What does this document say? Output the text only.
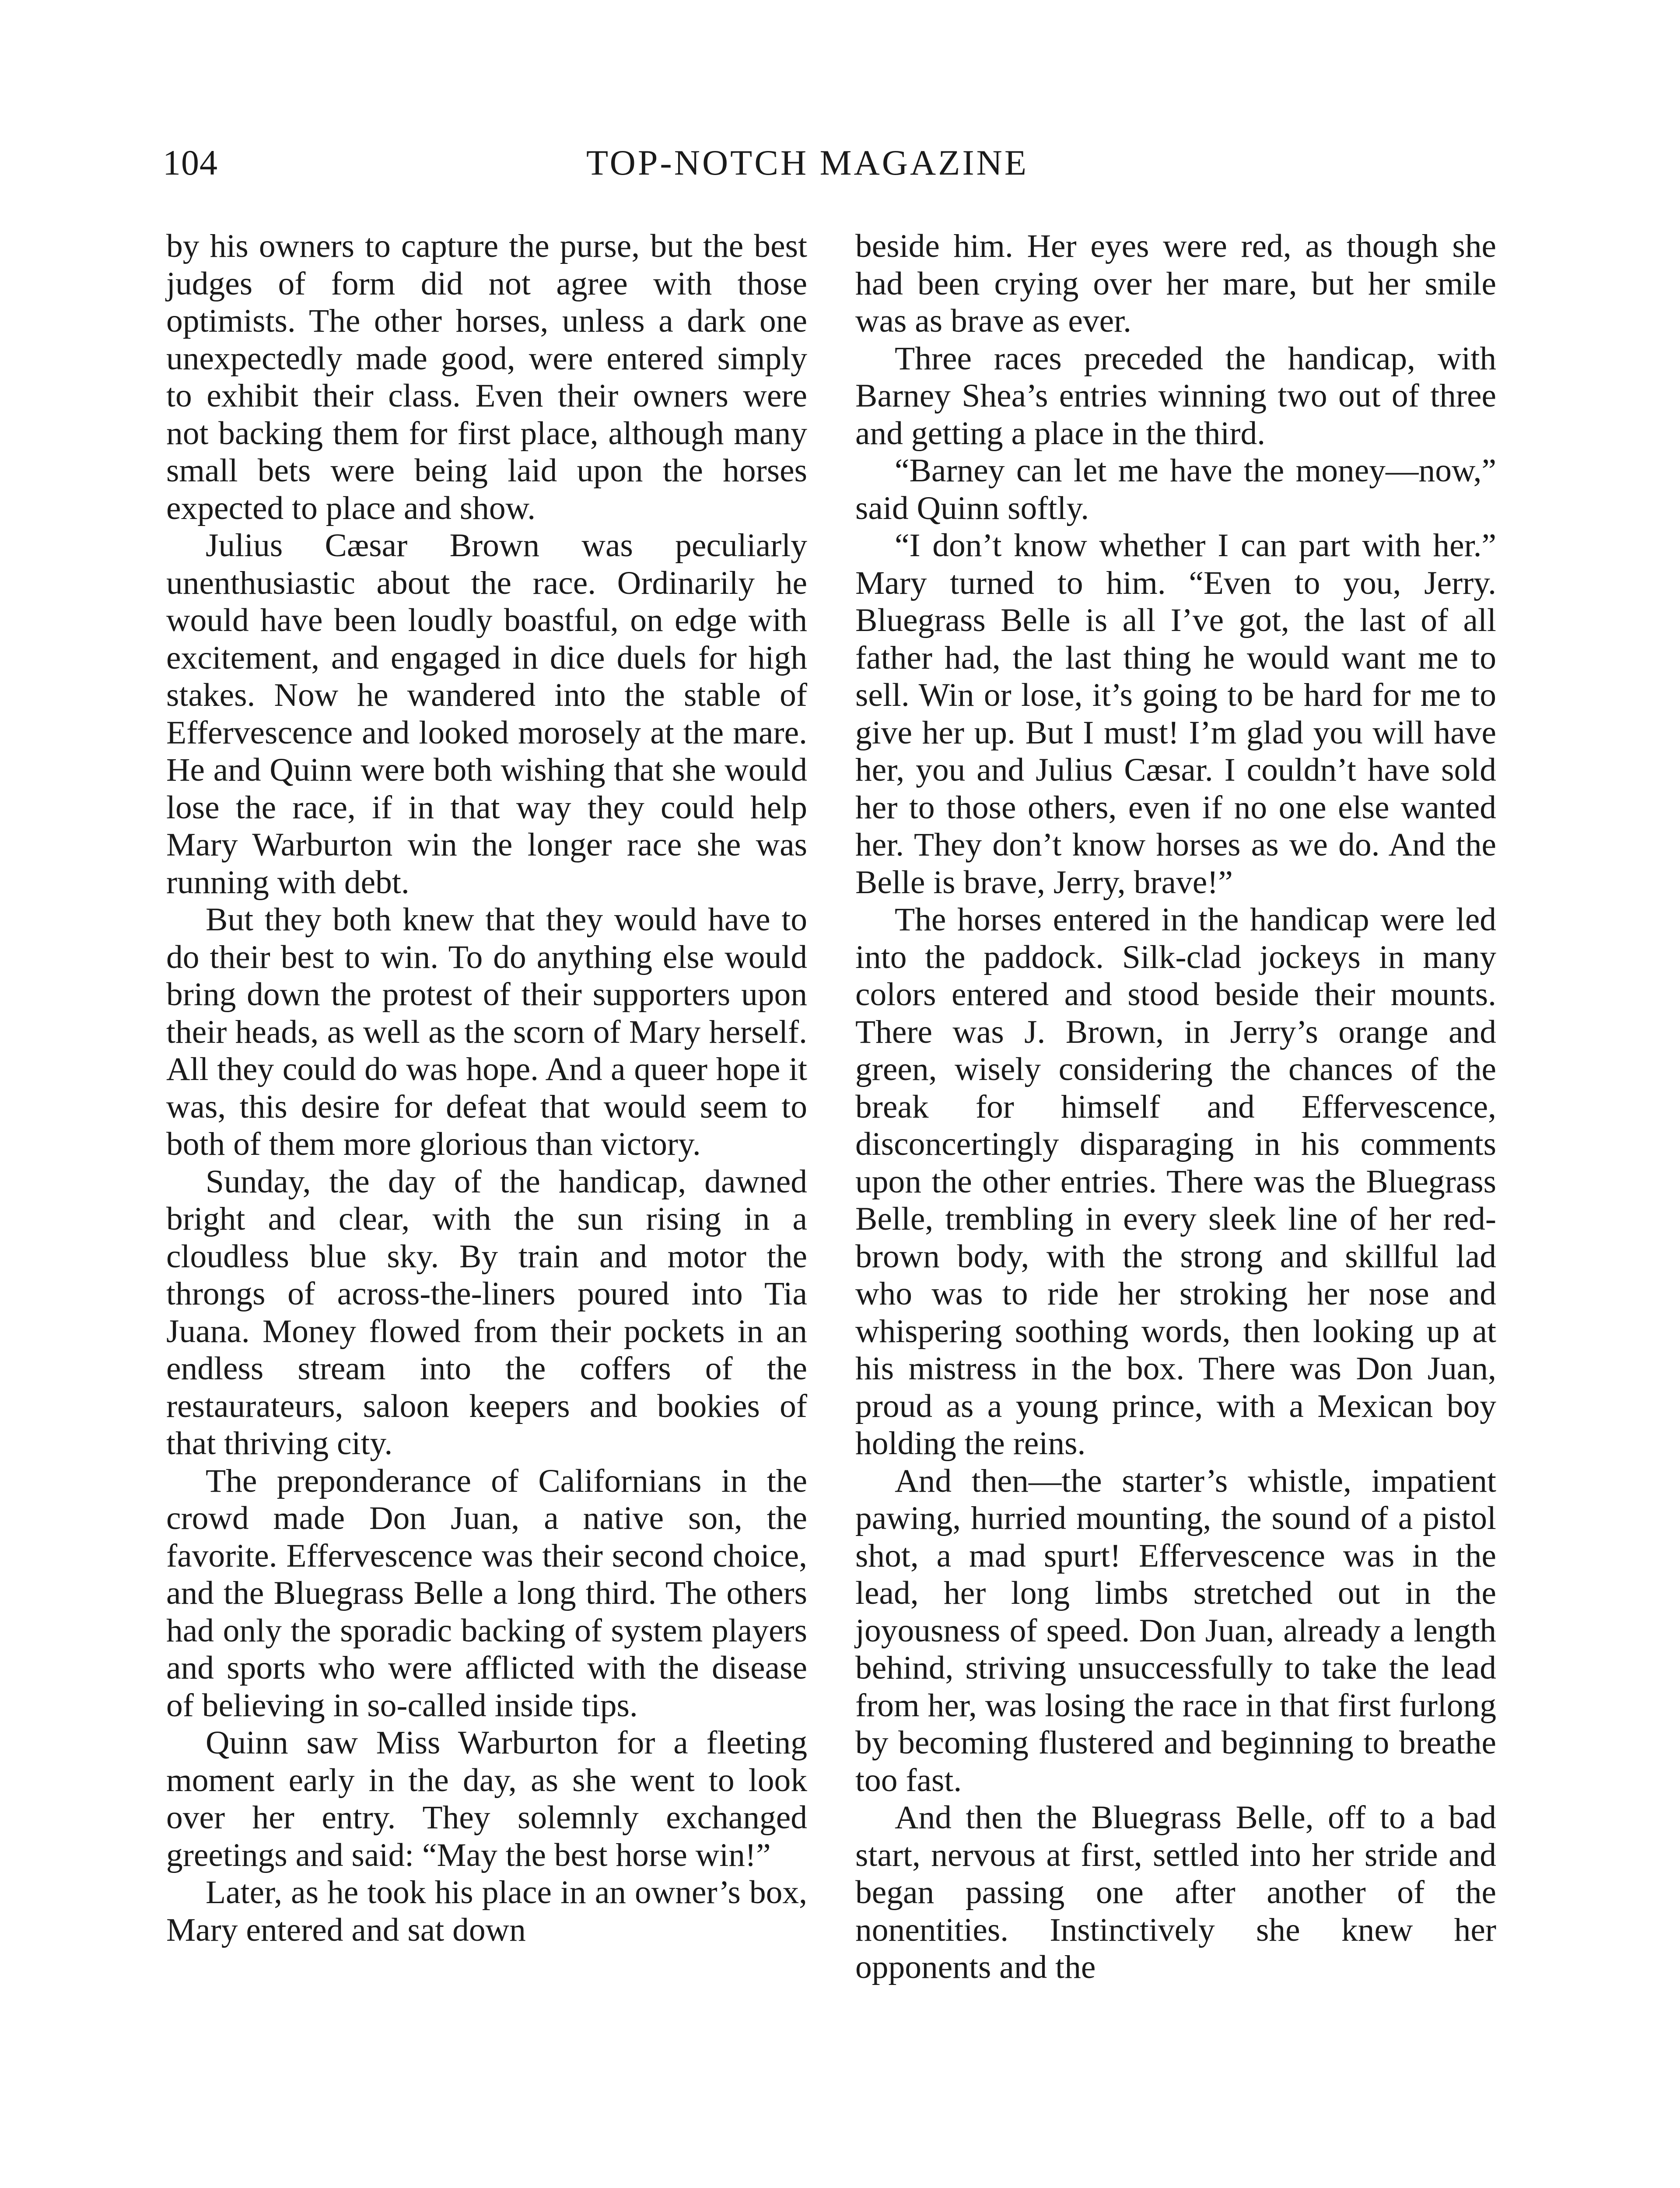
104	TOP-NOTCH MAGAZINE

by his owners to capture the purse, but the best judges of form did not agree with those optimists. The other horses, unless a dark one unexpectedly made good, were entered simply to exhibit their class. Even their owners were not backing them for first place, although many small bets were being laid upon the horses expected to place and show.

Julius Cæsar Brown was peculiarly unenthusiastic about the race. Ordinarily he would have been loudly boastful, on edge with excitement, and engaged in dice duels for high stakes. Now he wandered into the stable of Effervescence and looked morosely at the mare. He and Quinn were both wishing that she would lose the race, if in that way they could help Mary Warburton win the longer race she was running with debt.

But they both knew that they would have to do their best to win. To do anything else would bring down the protest of their supporters upon their heads, as well as the scorn of Mary herself. All they could do was hope. And a queer hope it was, this desire for defeat that would seem to both of them more glorious than victory.

Sunday, the day of the handicap, dawned bright and clear, with the sun rising in a cloudless blue sky. By train and motor the throngs of across-the-liners poured into Tia Juana. Money flowed from their pockets in an endless stream into the coffers of the restaurateurs, saloon keepers and bookies of that thriving city.

The preponderance of Californians in the crowd made Don Juan, a native son, the favorite. Effervescence was their second choice, and the Bluegrass Belle a long third. The others had only the sporadic backing of system players and sports who were afflicted with the disease of believing in so-called inside tips.

Quinn saw Miss Warburton for a fleeting moment early in the day, as she went to look over her entry. They solemnly exchanged greetings and said: “May the best horse win!”

Later, as he took his place in an owner’s box, Mary entered and sat down

beside him. Her eyes were red, as though she had been crying over her mare, but her smile was as brave as ever.

Three races preceded the handicap, with Barney Shea’s entries winning two out of three and getting a place in the third.

“Barney can let me have the money—now,” said Quinn softly.

“I don’t know whether I can part with her.” Mary turned to him. “Even to you, Jerry. Bluegrass Belle is all I’ve got, the last of all father had, the last thing he would want me to sell. Win or lose, it’s going to be hard for me to give her up. But I must! I’m glad you will have her, you and Julius Cæsar. I couldn’t have sold her to those others, even if no one else wanted her. They don’t know horses as we do. And the Belle is brave, Jerry, brave!”

The horses entered in the handicap were led into the paddock. Silk-clad jockeys in many colors entered and stood beside their mounts. There was J. Brown, in Jerry’s orange and green, wisely considering the chances of the break for himself and Effervescence, disconcertingly disparaging in his comments upon the other entries. There was the Bluegrass Belle, trembling in every sleek line of her red-brown body, with the strong and skillful lad who was to ride her stroking her nose and whispering soothing words, then looking up at his mistress in the box. There was Don Juan, proud as a young prince, with a Mexican boy holding the reins.

And then—the starter’s whistle, impatient pawing, hurried mounting, the sound of a pistol shot, a mad spurt! Effervescence was in the lead, her long limbs stretched out in the joyousness of speed. Don Juan, already a length behind, striving unsuccessfully to take the lead from her, was losing the race in that first furlong by becoming flustered and beginning to breathe too fast.

And then the Bluegrass Belle, off to a bad start, nervous at first, settled into her stride and began passing one after another of the nonentities. Instinctively she knew her opponents and the
